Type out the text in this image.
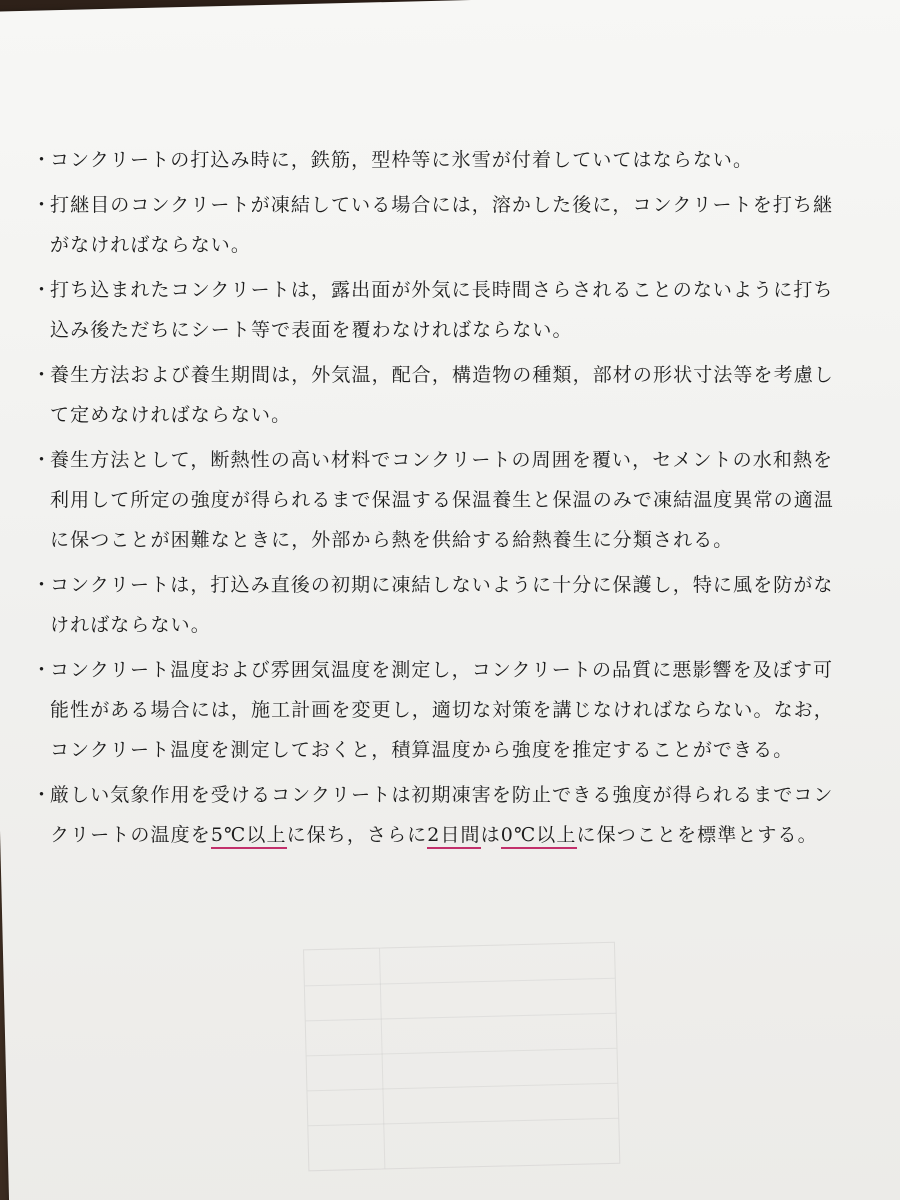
・
コンクリートの打込み時に，鉄筋，型枠等に氷雪が付着していてはならない。
・
打継目のコンクリートが凍結している場合には，溶かした後に，コンクリートを打ち継
がなければならない。
・
打ち込まれたコンクリートは，露出面が外気に長時間さらされることのないように打ち
込み後ただちにシート等で表面を覆わなければならない。
・
養生方法および養生期間は，外気温，配合，構造物の種類，部材の形状寸法等を考慮し
て定めなければならない。
・
養生方法として，断熱性の高い材料でコンクリートの周囲を覆い，セメントの水和熱を
利用して所定の強度が得られるまで保温する保温養生と保温のみで凍結温度異常の適温
に保つことが困難なときに，外部から熱を供給する給熱養生に分類される。
・
コンクリートは，打込み直後の初期に凍結しないように十分に保護し，特に風を防がな
ければならない。
・
コンクリート温度および雰囲気温度を測定し，コンクリートの品質に悪影響を及ぼす可
能性がある場合には，施工計画を変更し，適切な対策を講じなければならない。なお，
コンクリート温度を測定しておくと，積算温度から強度を推定することができる。
・
厳しい気象作用を受けるコンクリートは初期凍害を防止できる強度が得られるまでコン
クリートの温度を5℃以上に保ち，さらに2日間は0℃以上に保つことを標準とする。
